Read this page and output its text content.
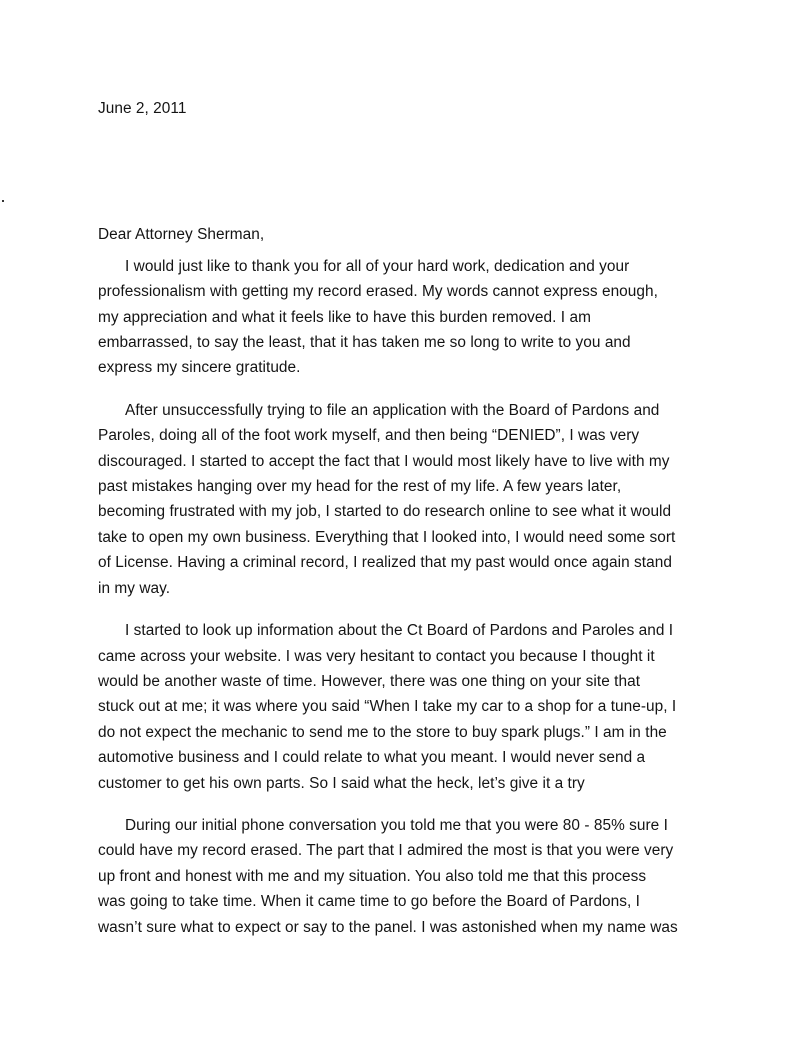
June 2, 2011

Dear Attorney Sherman,

I would just like to thank you for all of your hard work, dedication and your
professionalism with getting my record erased. My words cannot express enough,
my appreciation and what it feels like to have this burden removed. I am
embarrassed, to say the least, that it has taken me so long to write to you and
express my sincere gratitude.

After unsuccessfully trying to file an application with the Board of Pardons and
Paroles, doing all of the foot work myself, and then being “DENIED”, I was very
discouraged. I started to accept the fact that I would most likely have to live with my
past mistakes hanging over my head for the rest of my life. A few years later,
becoming frustrated with my job, I started to do research online to see what it would
take to open my own business. Everything that I looked into, I would need some sort
of License. Having a criminal record, I realized that my past would once again stand
in my way.

I started to look up information about the Ct Board of Pardons and Paroles and I
came across your website. I was very hesitant to contact you because I thought it
would be another waste of time. However, there was one thing on your site that
stuck out at me; it was where you said “When I take my car to a shop for a tune-up, I
do not expect the mechanic to send me to the store to buy spark plugs.” I am in the
automotive business and I could relate to what you meant. I would never send a
customer to get his own parts. So I said what the heck, let’s give it a try

During our initial phone conversation you told me that you were 80 - 85% sure I
could have my record erased. The part that I admired the most is that you were very
up front and honest with me and my situation. You also told me that this process
was going to take time. When it came time to go before the Board of Pardons, I
wasn’t sure what to expect or say to the panel. I was astonished when my name was
